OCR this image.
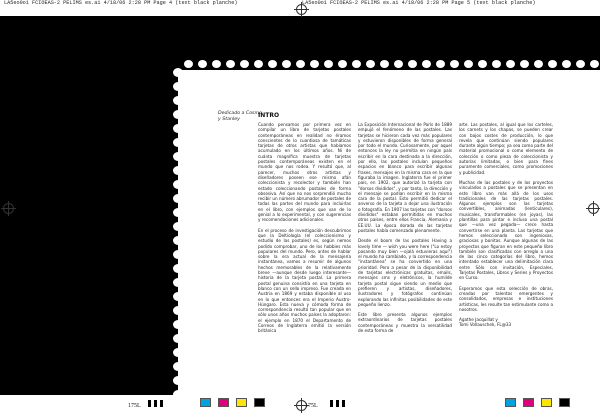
LA5eo0o1 FCIOEAS-2 PELIMS es.ai 4/18/06 2:28 PM Page 4 (text black planche)	LA5eo0o1 FCIOEAS-2 PELIMS es.ai 4/18/06 2:28 PM Page 5 (text black planche)
Dedicado a Cosmo
y Stanley
INTRO

Cuando pensamos por primera vez en compilar un libro de tarjetas postales contemporáneas en realidad no éramos conscientes de lo cuantiosa de tamáticas tarjetas de otros artistas que habíamos acumulado en los últimos años. Ni de cuánta magnífica muestra de tarjetas postales contemporáneas existen en el mundo que nos rodea. Y resultó que, al parecer, muchos otros artistas y diseñadores poseen ese mismo afán coleccionista y recolector y también han estado coleccionando postales de forma obsesiva. Así que no nos sorprendió mucho recibir un número abrumador de postales de todas las partes del mundo para incluirlas en el libro, con ejemplos que van de lo genial a lo experimental, y con sugerencias y recomendaciones adicionales.

En el proceso de investigación descubrimos que la Deltiología (el coleccionismo y estudio de las postales) es, según nemos podido comprobar, uno de los hobbies más populares del mundo. Pero, antes de hablar sobre la era actual de la mensajería instantánea, vamos a resumir de algunos hechos memorables de la relativamente breve —aunque desde luego interesante— historia de la tarjeta postal. La primera postal genuina consistía en una tarjeta en blanco con un sello impreso. Fue creada en Austria en 1869 y estaba disponible al uso en lo que entonces era el Imperio Austro-Húngaro. Esta nueva y cómoda forma de correspondencia resultó tan popular que en sólo unos años muchos países la adoptaron: el ejemplo en 1870 el Departamento de Correos de Inglaterra emitió la versión británica

La Exposición Internacional de París de 1889 empujó el fenómeno de las postales. Las tarjetas se hicieron cada vez más populares y estuvieron disponibles de forma general por todo el mundo. Curiosamente, por aquel entonces la ley no permitía en ningún país escribir en la cara destinada a la dirección, por ello, las postales incluían pequeños espacios en blanco para escribir algunas frases, mensajes en la misma cara en la que figuraba la imagen. Inglaterra fue el primer país, en 1902, que autorizó la tarjeta con "dorsos divididos", y por tanto, la dirección y el mensaje se podían escribir en la misma cara de la postal. Esto permitió dedicar el anverso de la tarjeta a dejar una ilustración o fotografía. En 1907 las tarjetas con "dorsos divididos" estaban permitidas en muchos otros países, entre ellos Francia, Alemania y EE.UU. La época dorada de las tarjetas postales había comenzado plenamente.

Desde el boom de las postales Having a lovely time — wish you were here ("Lo estoy pasando muy bien —ojalá estuvieras aquí") el mundo ha cambiado, y la correspondencia "instantánea" se ha convertido en una prioridad. Pero a pesar de la disponibilidad de tarjetas electrónicas gratuitas, emails, mensajes sms y eletrónicos, la humilde tarjeta postal sigue siendo un medio que prefieren y artistas, diseñadores, ilustradores y fotógrafos continúan explorando las infinitas posibilidades de este pequeño lienzo.

Este libro presenta algunos ejemplos extraordinarios de tarjetas postales contemporáneas y muestra la versatilidad de esta forma de

arte. Las postales, al igual que los carteles, los carnets y los chapas, se pueden crear con bajos costes de producción, lo que revela que continúan siendo populares durante algún tiempo; ya sea como parte del material promocional o como elemento de colección o como pieza de coleccionista y autorías limitadas, o bien para fines puramente comerciales, como promociones y publicidad.

Muchas de las postales y de los proyectos vinculados a postales que se presentan en este libro van más allá de los usos tradicionales de las tarjetas postales. Algunos ejemplos son las tarjetas convertibles, animadas (lenticulares), musicales, transformables (en joyas), las plantillas para pintar e incluso una postal que —una vez pegada— crece hasta convertirse en una planta. Las tarjetas que hemos seleccionado son ingeniosas, graciosas y bonitas. Aunque algunas de las proyectos que figuran en este pequeño libro también son clasificadas con arreglo a una de las cinco categorías del libro, hemos intentado establecer una delimitación clara entre Sólo con invitación, Especiales, Tarjetas Postales, Libros y Series y Proyectos en Curso.

Esperamos que esta selección de obras, creadas por talentos emergentes y consolidados, empresas e instituciones artísticas, les resulte tan estimulante como a nosotros.

Agathe Jacquillat y
Tomi Vollauschek, FL@33

175L	175L
